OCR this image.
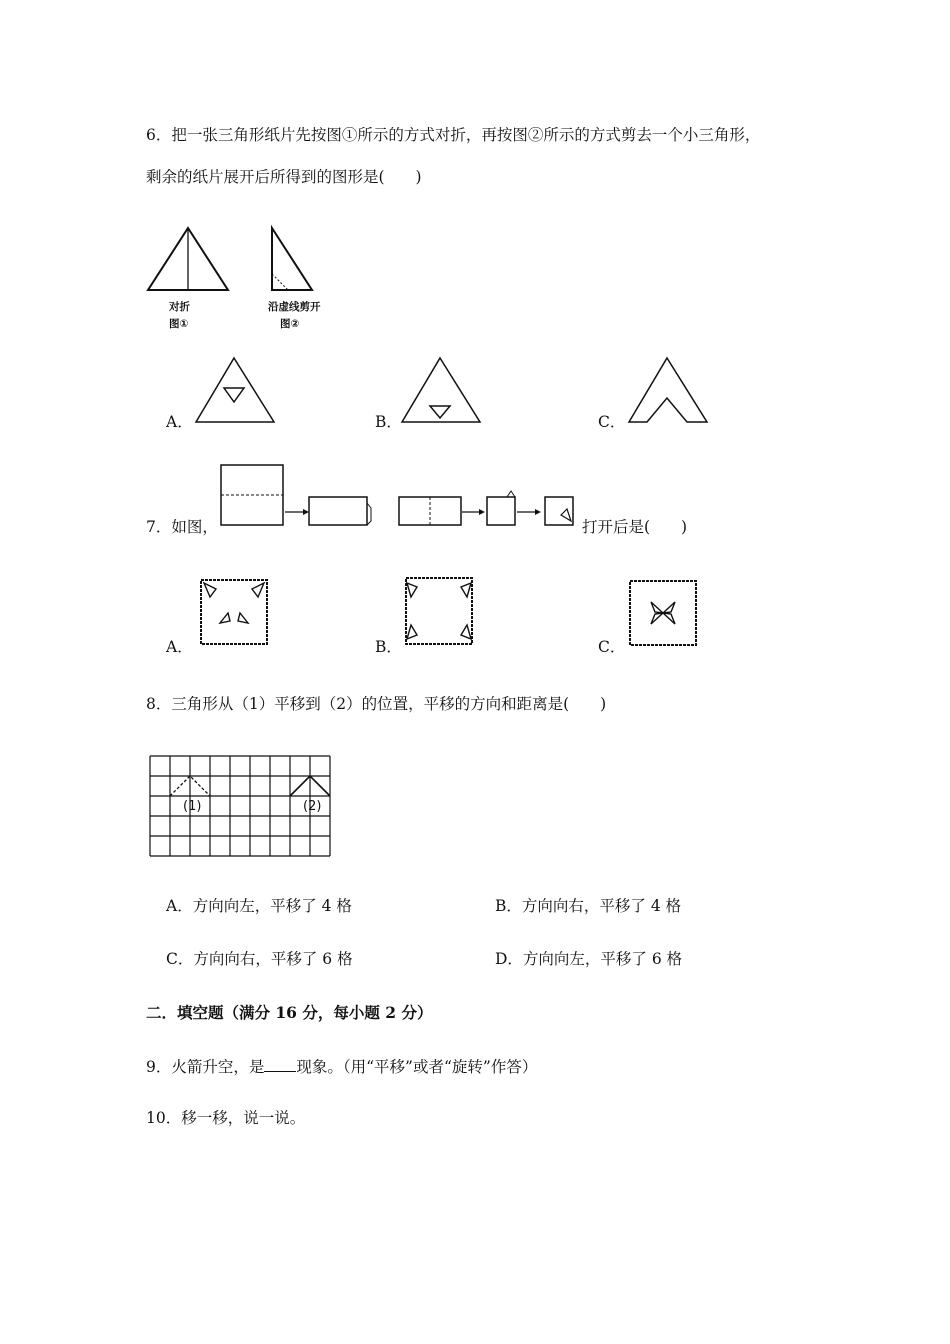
6．把一张三角形纸片先按图①所示的方式对折，再按图②所示的方式剪去一个小三角形，
剩余的纸片展开后所得到的图形是(　　)
对折
图①
沿虚线剪开
图②
A．	B．	C．
7．如图，	打开后是(　　)
A．	B．	C．
8．三角形从（1）平移到（2）的位置，平移的方向和距离是(　　)
(1)	(2)
A．方向向左，平移了 4 格	B．方向向右，平移了 4 格
C．方向向右，平移了 6 格	D．方向向左，平移了 6 格
二．填空题（满分 16 分，每小题 2 分）
9．火箭升空，是 现象。（用“平移”或者“旋转”作答）
10．移一移，说一说。
